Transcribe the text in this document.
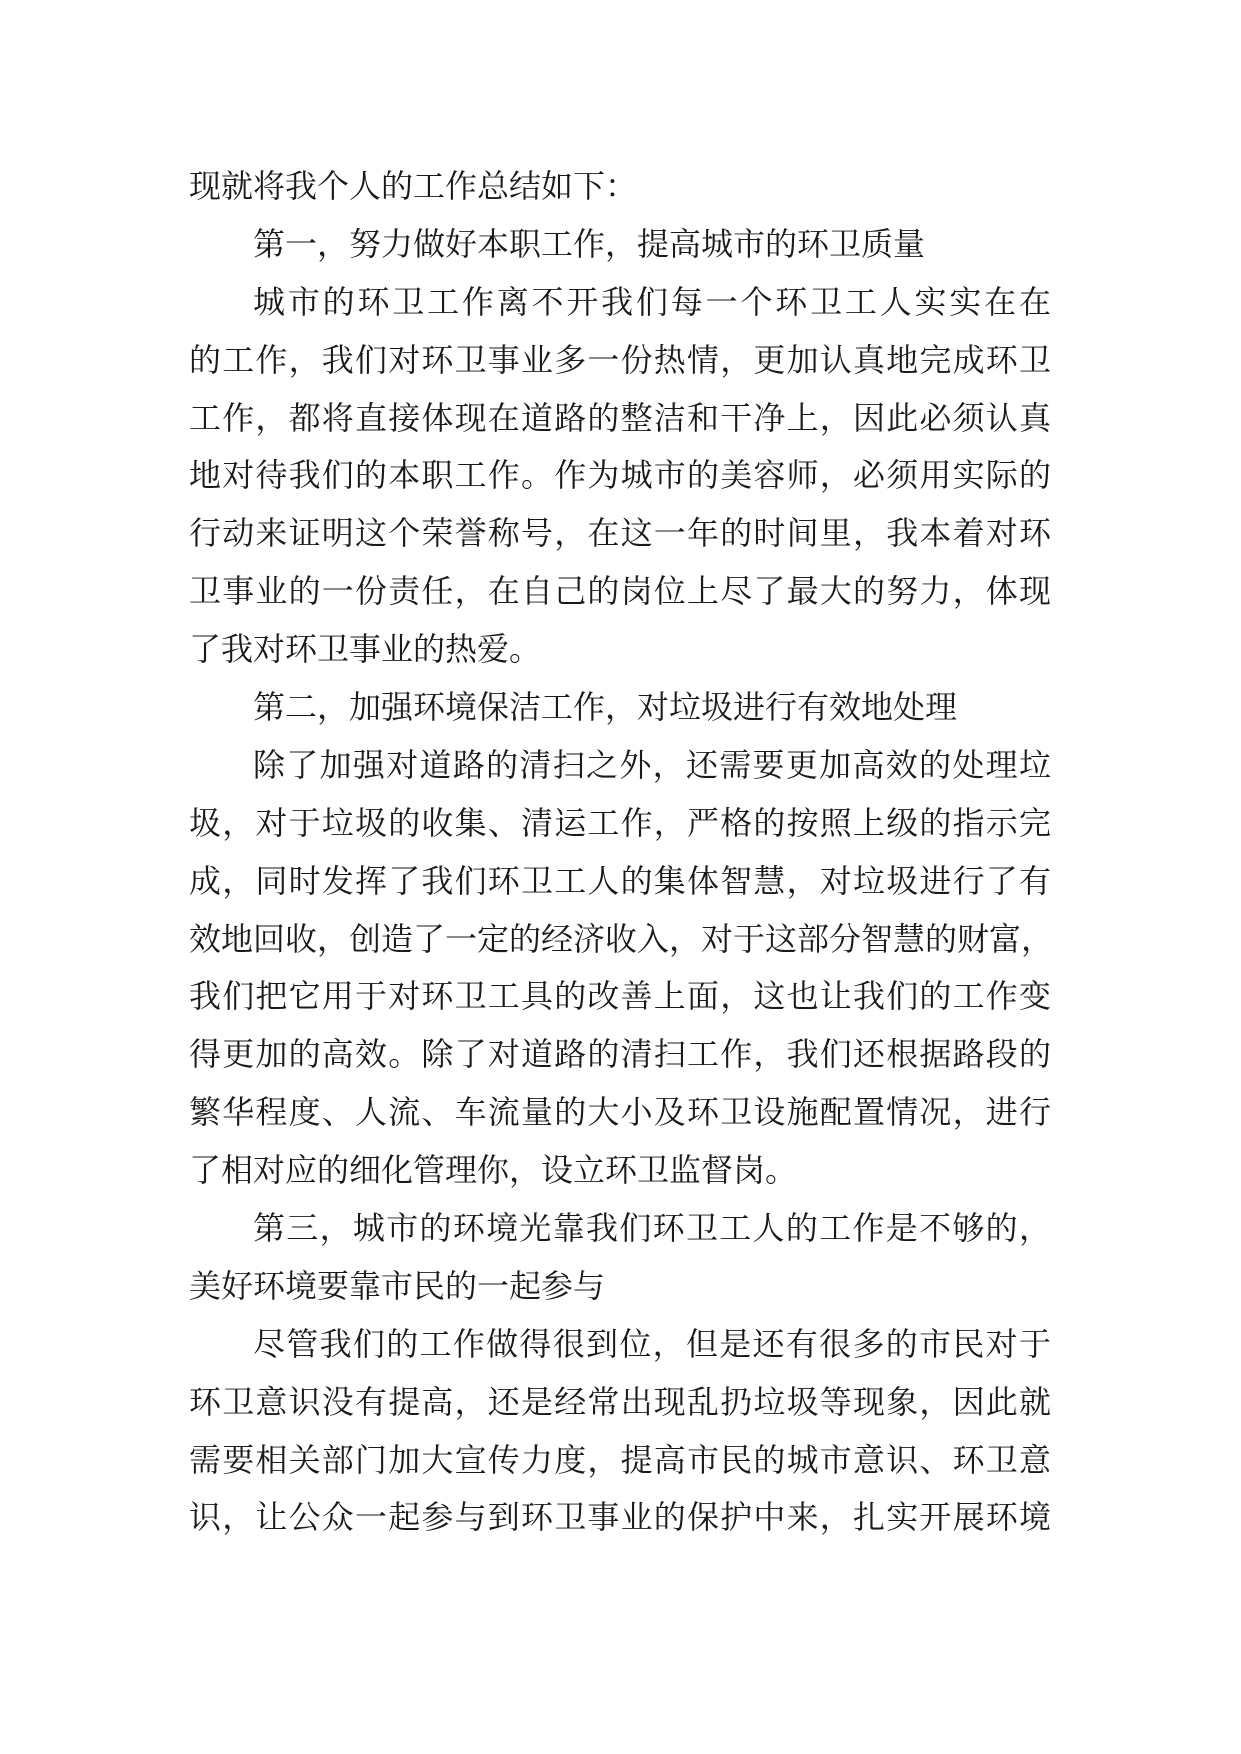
现就将我个人的工作总结如下：
第一，努力做好本职工作，提高城市的环卫质量
城市的环卫工作离不开我们每一个环卫工人实实在在
的工作，我们对环卫事业多一份热情，更加认真地完成环卫
工作，都将直接体现在道路的整洁和干净上，因此必须认真
地对待我们的本职工作。作为城市的美容师，必须用实际的
行动来证明这个荣誉称号，在这一年的时间里，我本着对环
卫事业的一份责任，在自己的岗位上尽了最大的努力，体现
了我对环卫事业的热爱。
第二，加强环境保洁工作，对垃圾进行有效地处理
除了加强对道路的清扫之外，还需要更加高效的处理垃
圾，对于垃圾的收集、清运工作，严格的按照上级的指示完
成，同时发挥了我们环卫工人的集体智慧，对垃圾进行了有
效地回收，创造了一定的经济收入，对于这部分智慧的财富，
我们把它用于对环卫工具的改善上面，这也让我们的工作变
得更加的高效。除了对道路的清扫工作，我们还根据路段的
繁华程度、人流、车流量的大小及环卫设施配置情况，进行
了相对应的细化管理你，设立环卫监督岗。
第三，城市的环境光靠我们环卫工人的工作是不够的，
美好环境要靠市民的一起参与
尽管我们的工作做得很到位，但是还有很多的市民对于
环卫意识没有提高，还是经常出现乱扔垃圾等现象，因此就
需要相关部门加大宣传力度，提高市民的城市意识、环卫意
识，让公众一起参与到环卫事业的保护中来，扎实开展环境
